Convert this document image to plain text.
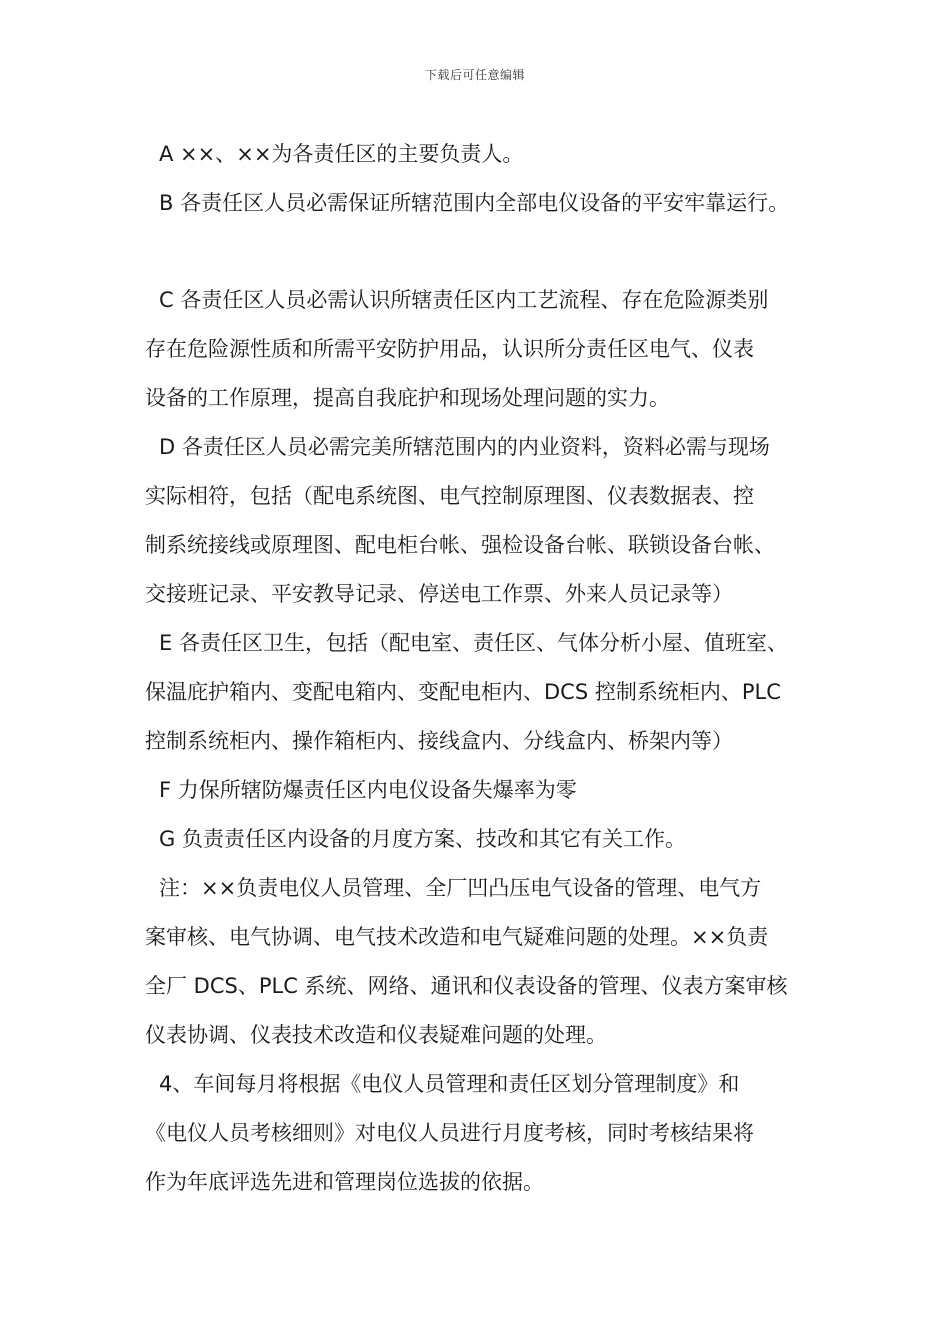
下载后可任意编辑
A ××、××为各责任区的主要负责人。
B 各责任区人员必需保证所辖范围内全部电仪设备的平安牢靠运行。
C 各责任区人员必需认识所辖责任区内工艺流程、存在危险源类别
存在危险源性质和所需平安防护用品，认识所分责任区电气、仪表
设备的工作原理，提高自我庇护和现场处理问题的实力。
D 各责任区人员必需完美所辖范围内的内业资料，资料必需与现场
实际相符，包括（配电系统图、电气控制原理图、仪表数据表、控
制系统接线或原理图、配电柜台帐、强检设备台帐、联锁设备台帐、
交接班记录、平安教导记录、停送电工作票、外来人员记录等）
E 各责任区卫生，包括（配电室、责任区、气体分析小屋、值班室、
保温庇护箱内、变配电箱内、变配电柜内、DCS 控制系统柜内、PLC
控制系统柜内、操作箱柜内、接线盒内、分线盒内、桥架内等）
F 力保所辖防爆责任区内电仪设备失爆率为零
G 负责责任区内设备的月度方案、技改和其它有关工作。
注：××负责电仪人员管理、全厂凹凸压电气设备的管理、电气方
案审核、电气协调、电气技术改造和电气疑难问题的处理。××负责
全厂 DCS、PLC 系统、网络、通讯和仪表设备的管理、仪表方案审核
仪表协调、仪表技术改造和仪表疑难问题的处理。
4、车间每月将根据《电仪人员管理和责任区划分管理制度》和
《电仪人员考核细则》对电仪人员进行月度考核，同时考核结果将
作为年底评选先进和管理岗位选拔的依据。
